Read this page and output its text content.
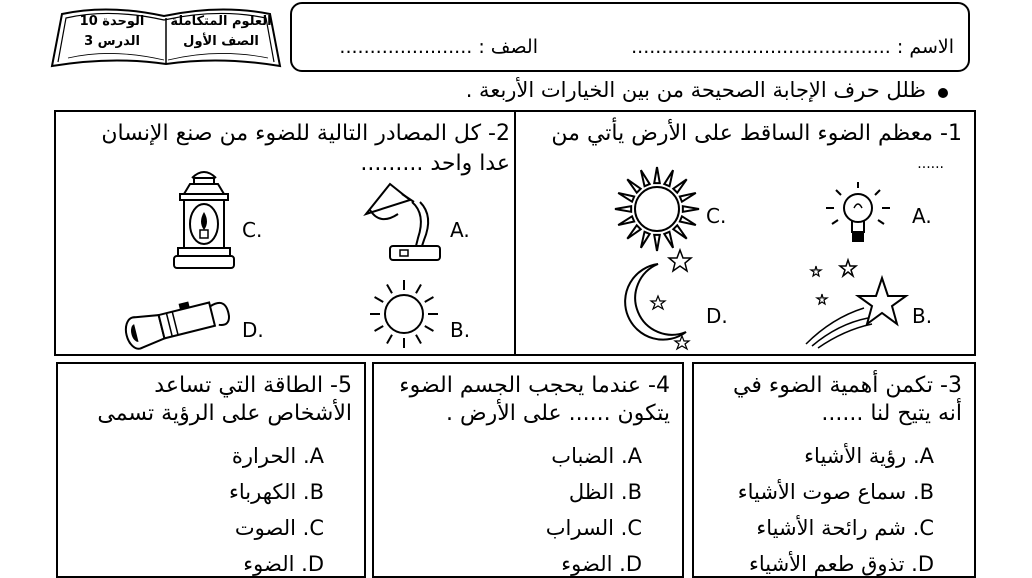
العلوم المتكاملة
الصف الأول
الوحدة 10
الدرس 3	الاسم : ...........................................
الصف : ......................
ظلل حرف الإجابة الصحيحة من بين الخيارات الأربعة .
1- معظم الضوء الساقط على الأرض يأتي من
......
A.
C.
B.
D.
2- كل المصادر التالية للضوء من صنع الإنسان
عدا واحد .........
A.
C.
B.
D.
3- تكمن أهمية الضوء في
أنه يتيح لنا ......
A. رؤية الأشياء
B. سماع صوت الأشياء
C. شم رائحة الأشياء
D. تذوق طعم الأشياء
4- عندما يحجب الجسم الضوء
يتكون ...... على الأرض .
A. الضباب
B. الظل
C. السراب
D. الضوء
5- الطاقة التي تساعد
الأشخاص على الرؤية تسمى
A. الحرارة
B. الكهرباء
C. الصوت
D. الضوء
